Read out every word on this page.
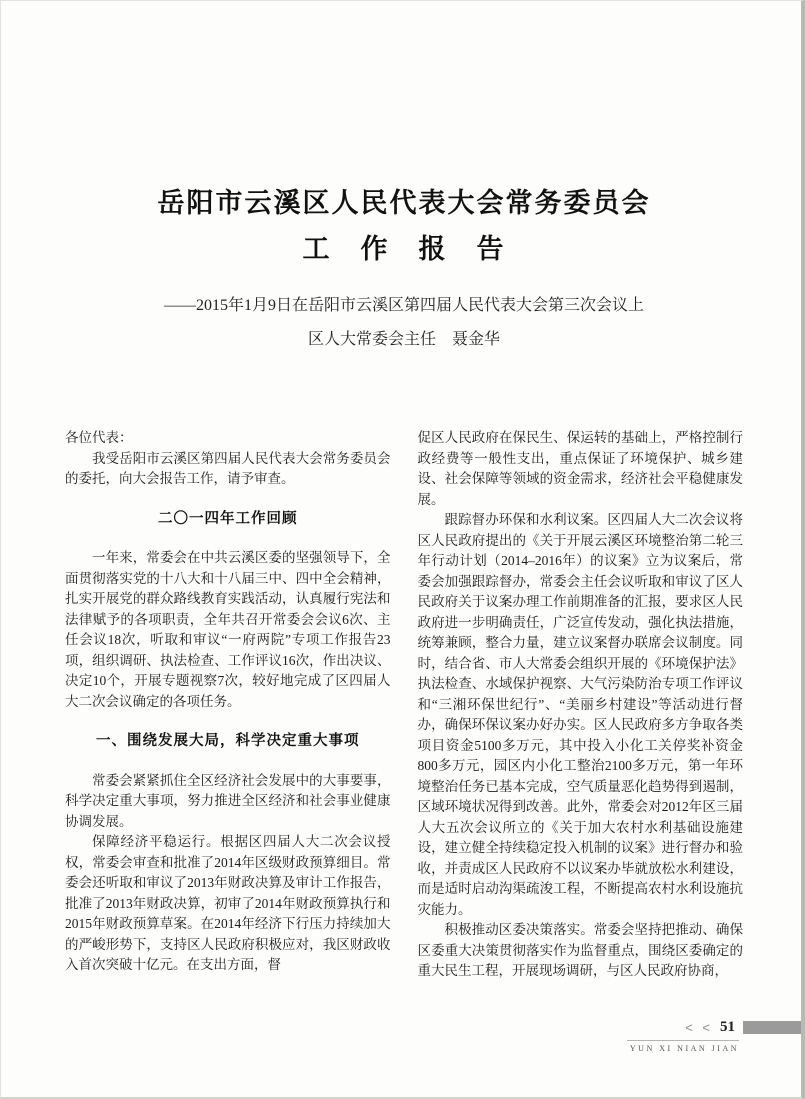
岳阳市云溪区人民代表大会常务委员会
工　作　报　告

——2015年1月9日在岳阳市云溪区第四届人民代表大会第三次会议上

区人大常委会主任　聂金华

各位代表：

我受岳阳市云溪区第四届人民代表大会常务委员会的委托，向大会报告工作，请予审查。

二〇一四年工作回顾

一年来，常委会在中共云溪区委的坚强领导下，全面贯彻落实党的十八大和十八届三中、四中全会精神，扎实开展党的群众路线教育实践活动，认真履行宪法和法律赋予的各项职责，全年共召开常委会会议6次、主任会议18次，听取和审议“一府两院”专项工作报告23项，组织调研、执法检查、工作评议16次，作出决议、决定10个，开展专题视察7次，较好地完成了区四届人大二次会议确定的各项任务。

一、围绕发展大局，科学决定重大事项

常委会紧紧抓住全区经济社会发展中的大事要事，科学决定重大事项，努力推进全区经济和社会事业健康协调发展。

保障经济平稳运行。根据区四届人大二次会议授权，常委会审查和批准了2014年区级财政预算细目。常委会还听取和审议了2013年财政决算及审计工作报告，批准了2013年财政决算，初审了2014年财政预算执行和2015年财政预算草案。在2014年经济下行压力持续加大的严峻形势下，支持区人民政府积极应对，我区财政收入首次突破十亿元。在支出方面，督

促区人民政府在保民生、保运转的基础上，严格控制行政经费等一般性支出，重点保证了环境保护、城乡建设、社会保障等领域的资金需求，经济社会平稳健康发展。

跟踪督办环保和水利议案。区四届人大二次会议将区人民政府提出的《关于开展云溪区环境整治第二轮三年行动计划（2014–2016年）的议案》立为议案后，常委会加强跟踪督办，常委会主任会议听取和审议了区人民政府关于议案办理工作前期准备的汇报，要求区人民政府进一步明确责任，广泛宣传发动，强化执法措施，统筹兼顾，整合力量，建立议案督办联席会议制度。同时，结合省、市人大常委会组织开展的《环境保护法》执法检查、水域保护视察、大气污染防治专项工作评议和“三湘环保世纪行”、“美丽乡村建设”等活动进行督办，确保环保议案办好办实。区人民政府多方争取各类项目资金5100多万元，其中投入小化工关停奖补资金800多万元，园区内小化工整治2100多万元，第一年环境整治任务已基本完成，空气质量恶化趋势得到遏制，区域环境状况得到改善。此外，常委会对2012年区三届人大五次会议所立的《关于加大农村水利基础设施建设，建立健全持续稳定投入机制的议案》进行督办和验收，并责成区人民政府不以议案办毕就放松水利建设，而是适时启动沟渠疏浚工程，不断提高农村水利设施抗灾能力。

积极推动区委决策落实。常委会坚持把推动、确保区委重大决策贯彻落实作为监督重点，围绕区委确定的重大民生工程，开展现场调研，与区人民政府协商，

< < 51
YUN XI NIAN JIAN
